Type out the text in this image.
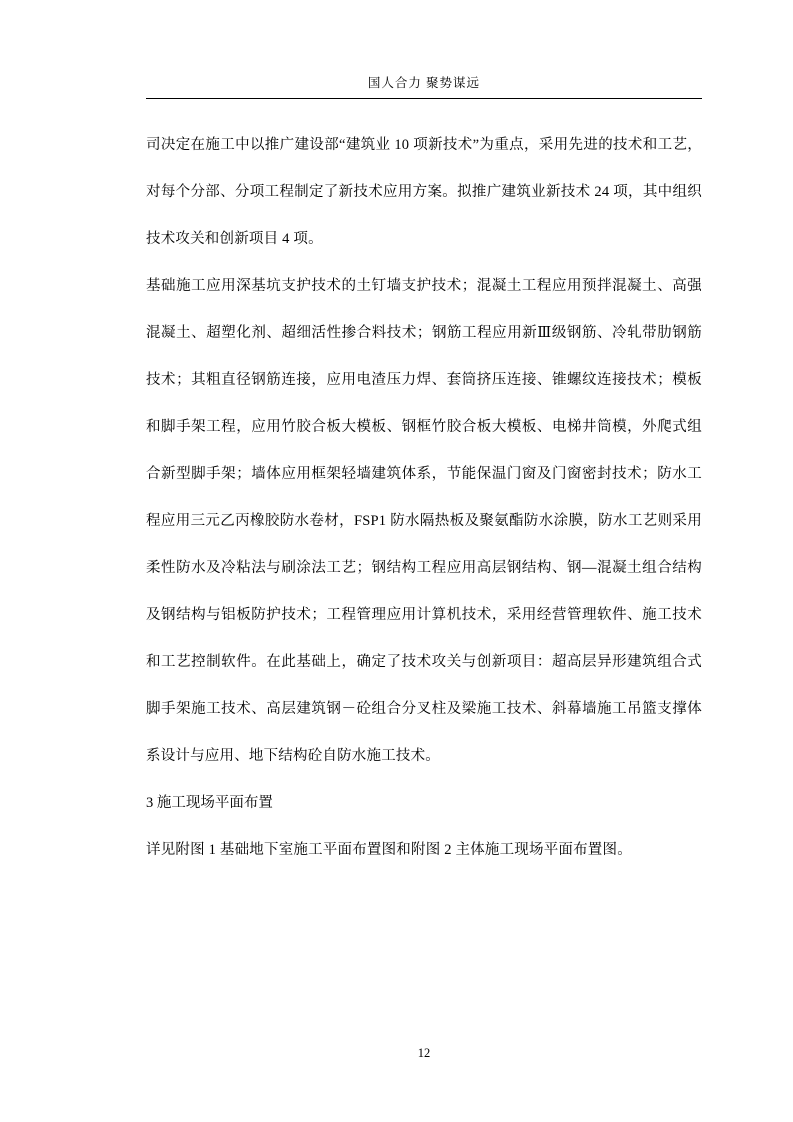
国人合力 聚势谋远

司决定在施工中以推广建设部“建筑业 10 项新技术”为重点，采用先进的技术和工艺，对每个分部、分项工程制定了新技术应用方案。拟推广建筑业新技术 24 项，其中组织技术攻关和创新项目 4 项。

基础施工应用深基坑支护技术的土钉墙支护技术；混凝土工程应用预拌混凝土、高强混凝土、超塑化剂、超细活性掺合料技术；钢筋工程应用新Ⅲ级钢筋、冷轧带肋钢筋技术；其粗直径钢筋连接，应用电渣压力焊、套筒挤压连接、锥螺纹连接技术；模板和脚手架工程，应用竹胶合板大模板、钢框竹胶合板大模板、电梯井筒模，外爬式组合新型脚手架；墙体应用框架轻墙建筑体系，节能保温门窗及门窗密封技术；防水工程应用三元乙丙橡胶防水卷材，FSP1 防水隔热板及聚氨酯防水涂膜，防水工艺则采用柔性防水及冷粘法与刷涂法工艺；钢结构工程应用高层钢结构、钢—混凝土组合结构及钢结构与铝板防护技术；工程管理应用计算机技术，采用经营管理软件、施工技术和工艺控制软件。在此基础上，确定了技术攻关与创新项目：超高层异形建筑组合式脚手架施工技术、高层建筑钢－砼组合分叉柱及梁施工技术、斜幕墙施工吊篮支撑体系设计与应用、地下结构砼自防水施工技术。

3 施工现场平面布置

详见附图 1 基础地下室施工平面布置图和附图 2 主体施工现场平面布置图。

12
